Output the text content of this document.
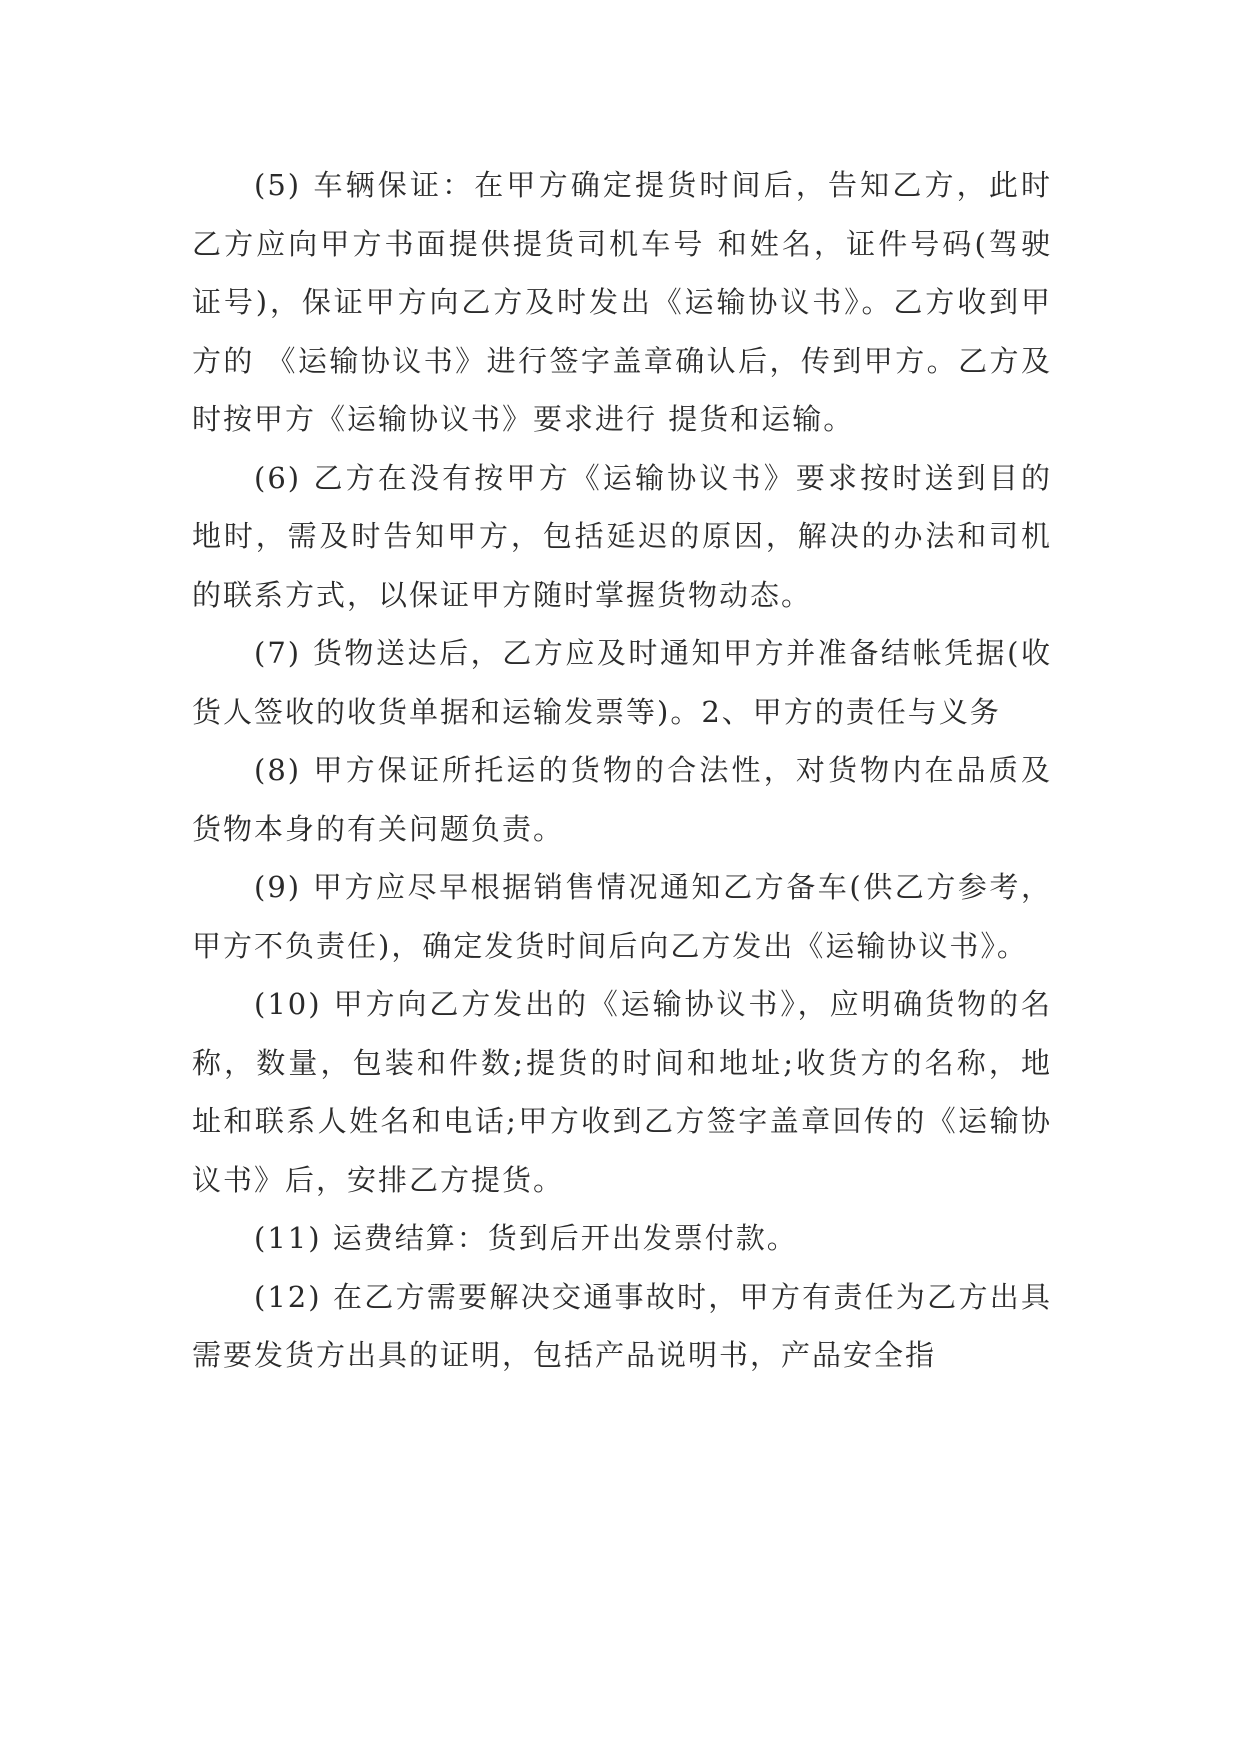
(5) 车辆保证：在甲方确定提货时间后，告知乙方，此时乙方应向甲方书面提供提货司机车号 和姓名，证件号码(驾驶证号)，保证甲方向乙方及时发出《运输协议书》。乙方收到甲方的 《运输协议书》进行签字盖章确认后，传到甲方。乙方及时按甲方《运输协议书》要求进行 提货和运输。

(6) 乙方在没有按甲方《运输协议书》要求按时送到目的地时，需及时告知甲方，包括延迟的原因，解决的办法和司机的联系方式，以保证甲方随时掌握货物动态。

(7) 货物送达后，乙方应及时通知甲方并准备结帐凭据(收货人签收的收货单据和运输发票等)。2、甲方的责任与义务

(8) 甲方保证所托运的货物的合法性，对货物内在品质及货物本身的有关问题负责。

(9) 甲方应尽早根据销售情况通知乙方备车(供乙方参考，甲方不负责任)，确定发货时间后向乙方发出《运输协议书》。

(10) 甲方向乙方发出的《运输协议书》，应明确货物的名称，数量，包装和件数;提货的时间和地址;收货方的名称，地址和联系人姓名和电话;甲方收到乙方签字盖章回传的《运输协议书》后，安排乙方提货。

(11) 运费结算：货到后开出发票付款。

(12) 在乙方需要解决交通事故时，甲方有责任为乙方出具需要发货方出具的证明，包括产品说明书，产品安全指
